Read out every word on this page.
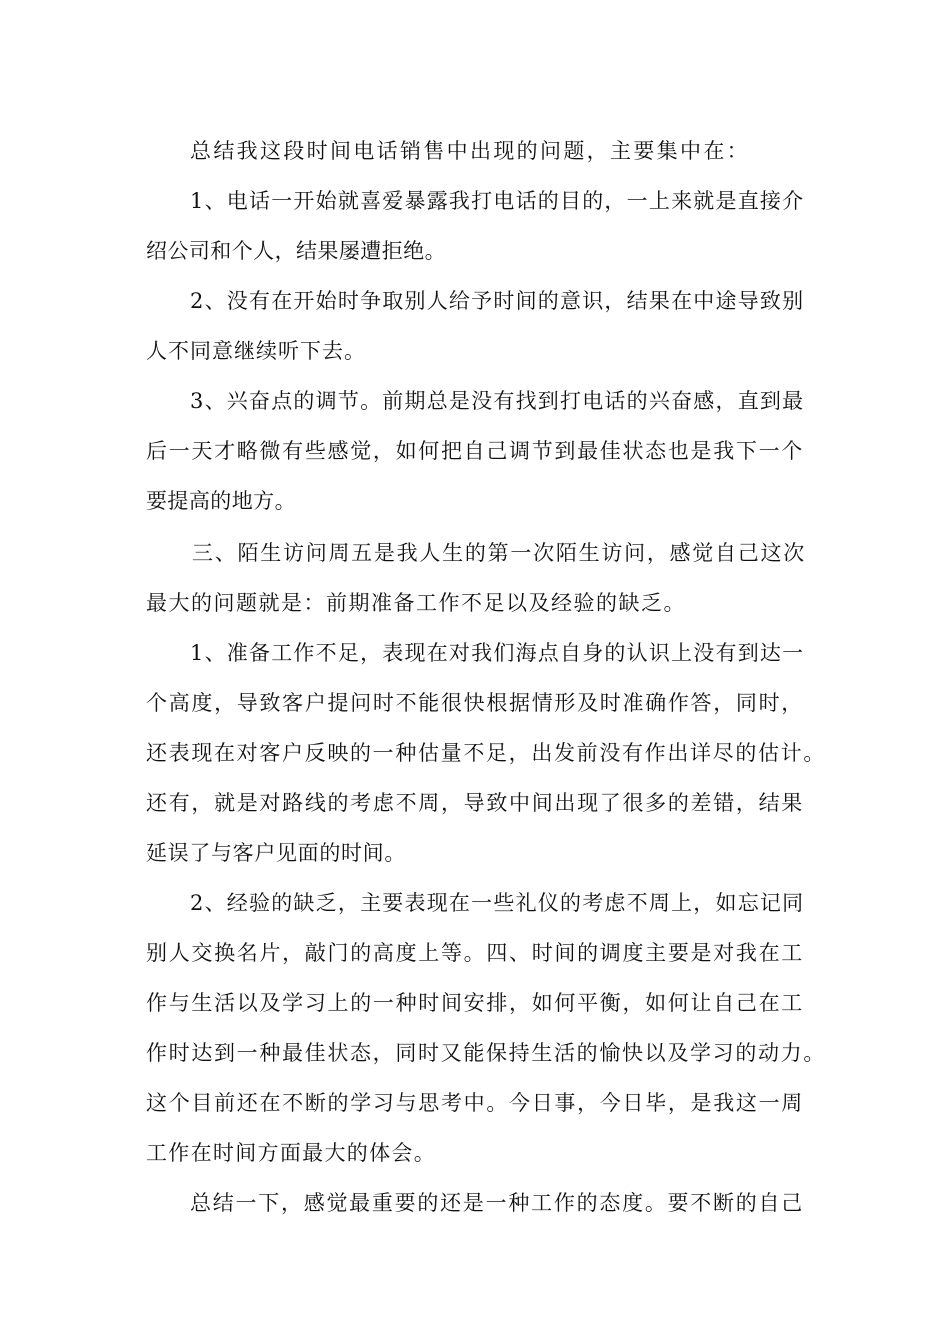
总结我这段时间电话销售中出现的问题，主要集中在：
1、电话一开始就喜爱暴露我打电话的目的，一上来就是直接介
绍公司和个人，结果屡遭拒绝。
2、没有在开始时争取别人给予时间的意识，结果在中途导致别
人不同意继续听下去。
3、兴奋点的调节。前期总是没有找到打电话的兴奋感，直到最
后一天才略微有些感觉，如何把自己调节到最佳状态也是我下一个
要提高的地方。
三、陌生访问周五是我人生的第一次陌生访问，感觉自己这次
最大的问题就是：前期准备工作不足以及经验的缺乏。
1、准备工作不足，表现在对我们海点自身的认识上没有到达一
个高度，导致客户提问时不能很快根据情形及时准确作答，同时，
还表现在对客户反映的一种估量不足，出发前没有作出详尽的估计。
还有，就是对路线的考虑不周，导致中间出现了很多的差错，结果
延误了与客户见面的时间。
2、经验的缺乏，主要表现在一些礼仪的考虑不周上，如忘记同
别人交换名片，敲门的高度上等。四、时间的调度主要是对我在工
作与生活以及学习上的一种时间安排，如何平衡，如何让自己在工
作时达到一种最佳状态，同时又能保持生活的愉快以及学习的动力。
这个目前还在不断的学习与思考中。今日事，今日毕，是我这一周
工作在时间方面最大的体会。
总结一下，感觉最重要的还是一种工作的态度。要不断的自己
